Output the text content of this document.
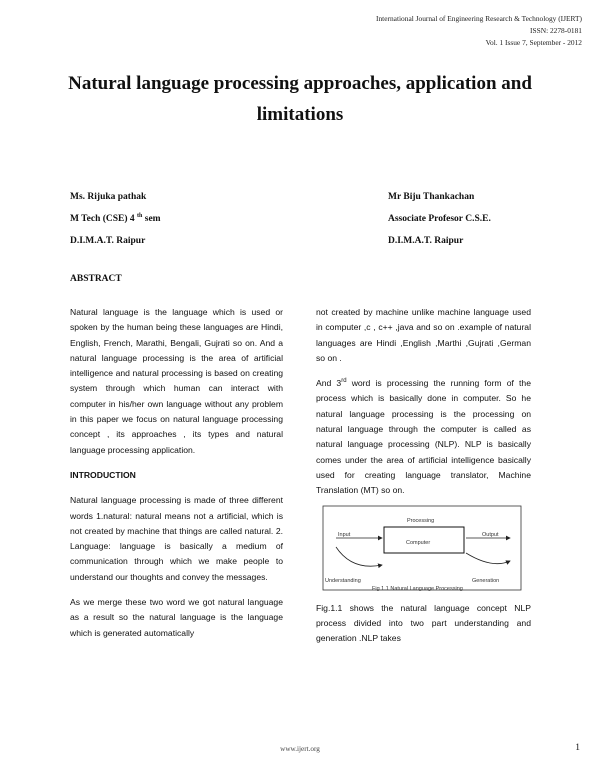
International Journal of Engineering Research & Technology (IJERT)
ISSN: 2278-0181
Vol. 1 Issue 7, September - 2012
Natural language processing approaches, application and limitations
Ms. Rijuka pathak
M Tech (CSE) 4 $^{th}$ sem
D.I.M.A.T. Raipur
Mr Biju Thankachan
Associate Profesor C.S.E.
D.I.M.A.T. Raipur
ABSTRACT

Natural language is the language which is used or spoken by the human being these languages are Hindi, English, French, Marathi, Bengali, Gujrati so on. And a natural language processing is the area of artificial intelligence and natural processing is based on creating system through which human can interact with computer in his/her own language without any problem in this paper we focus on natural language processing concept , its approaches , its types and natural language processing application.

INTRODUCTION

Natural language processing is made of three different words 1.natural: natural means not a artificial, which is not created by machine that things are called natural. 2. Language: language is basically a medium of communication through which we make people to understand our thoughts and convey the messages.

As we merge these two word we got natural language as a result so the natural language is the language which is generated automatically

not created by machine unlike machine language used in computer ,c , c++ ,java and so on .example of natural languages are Hindi ,English ,Marthi ,Gujrati ,German so on .

And 3rd word is processing the running form of the process which is basically done in computer. So he natural language processing is the processing on natural language through the computer is called as natural language processing (NLP). NLP is basically comes under the area of artificial intelligence basically used for creating language translator, Machine Translation (MT) so on.

Processing
Input
Computer
Output
Understanding	Generation
Fig 1.1 Natural Language Processing

Fig.1.1 shows the natural language concept NLP process divided into two part understanding and generation .NLP takes

www.ijert.org	1
